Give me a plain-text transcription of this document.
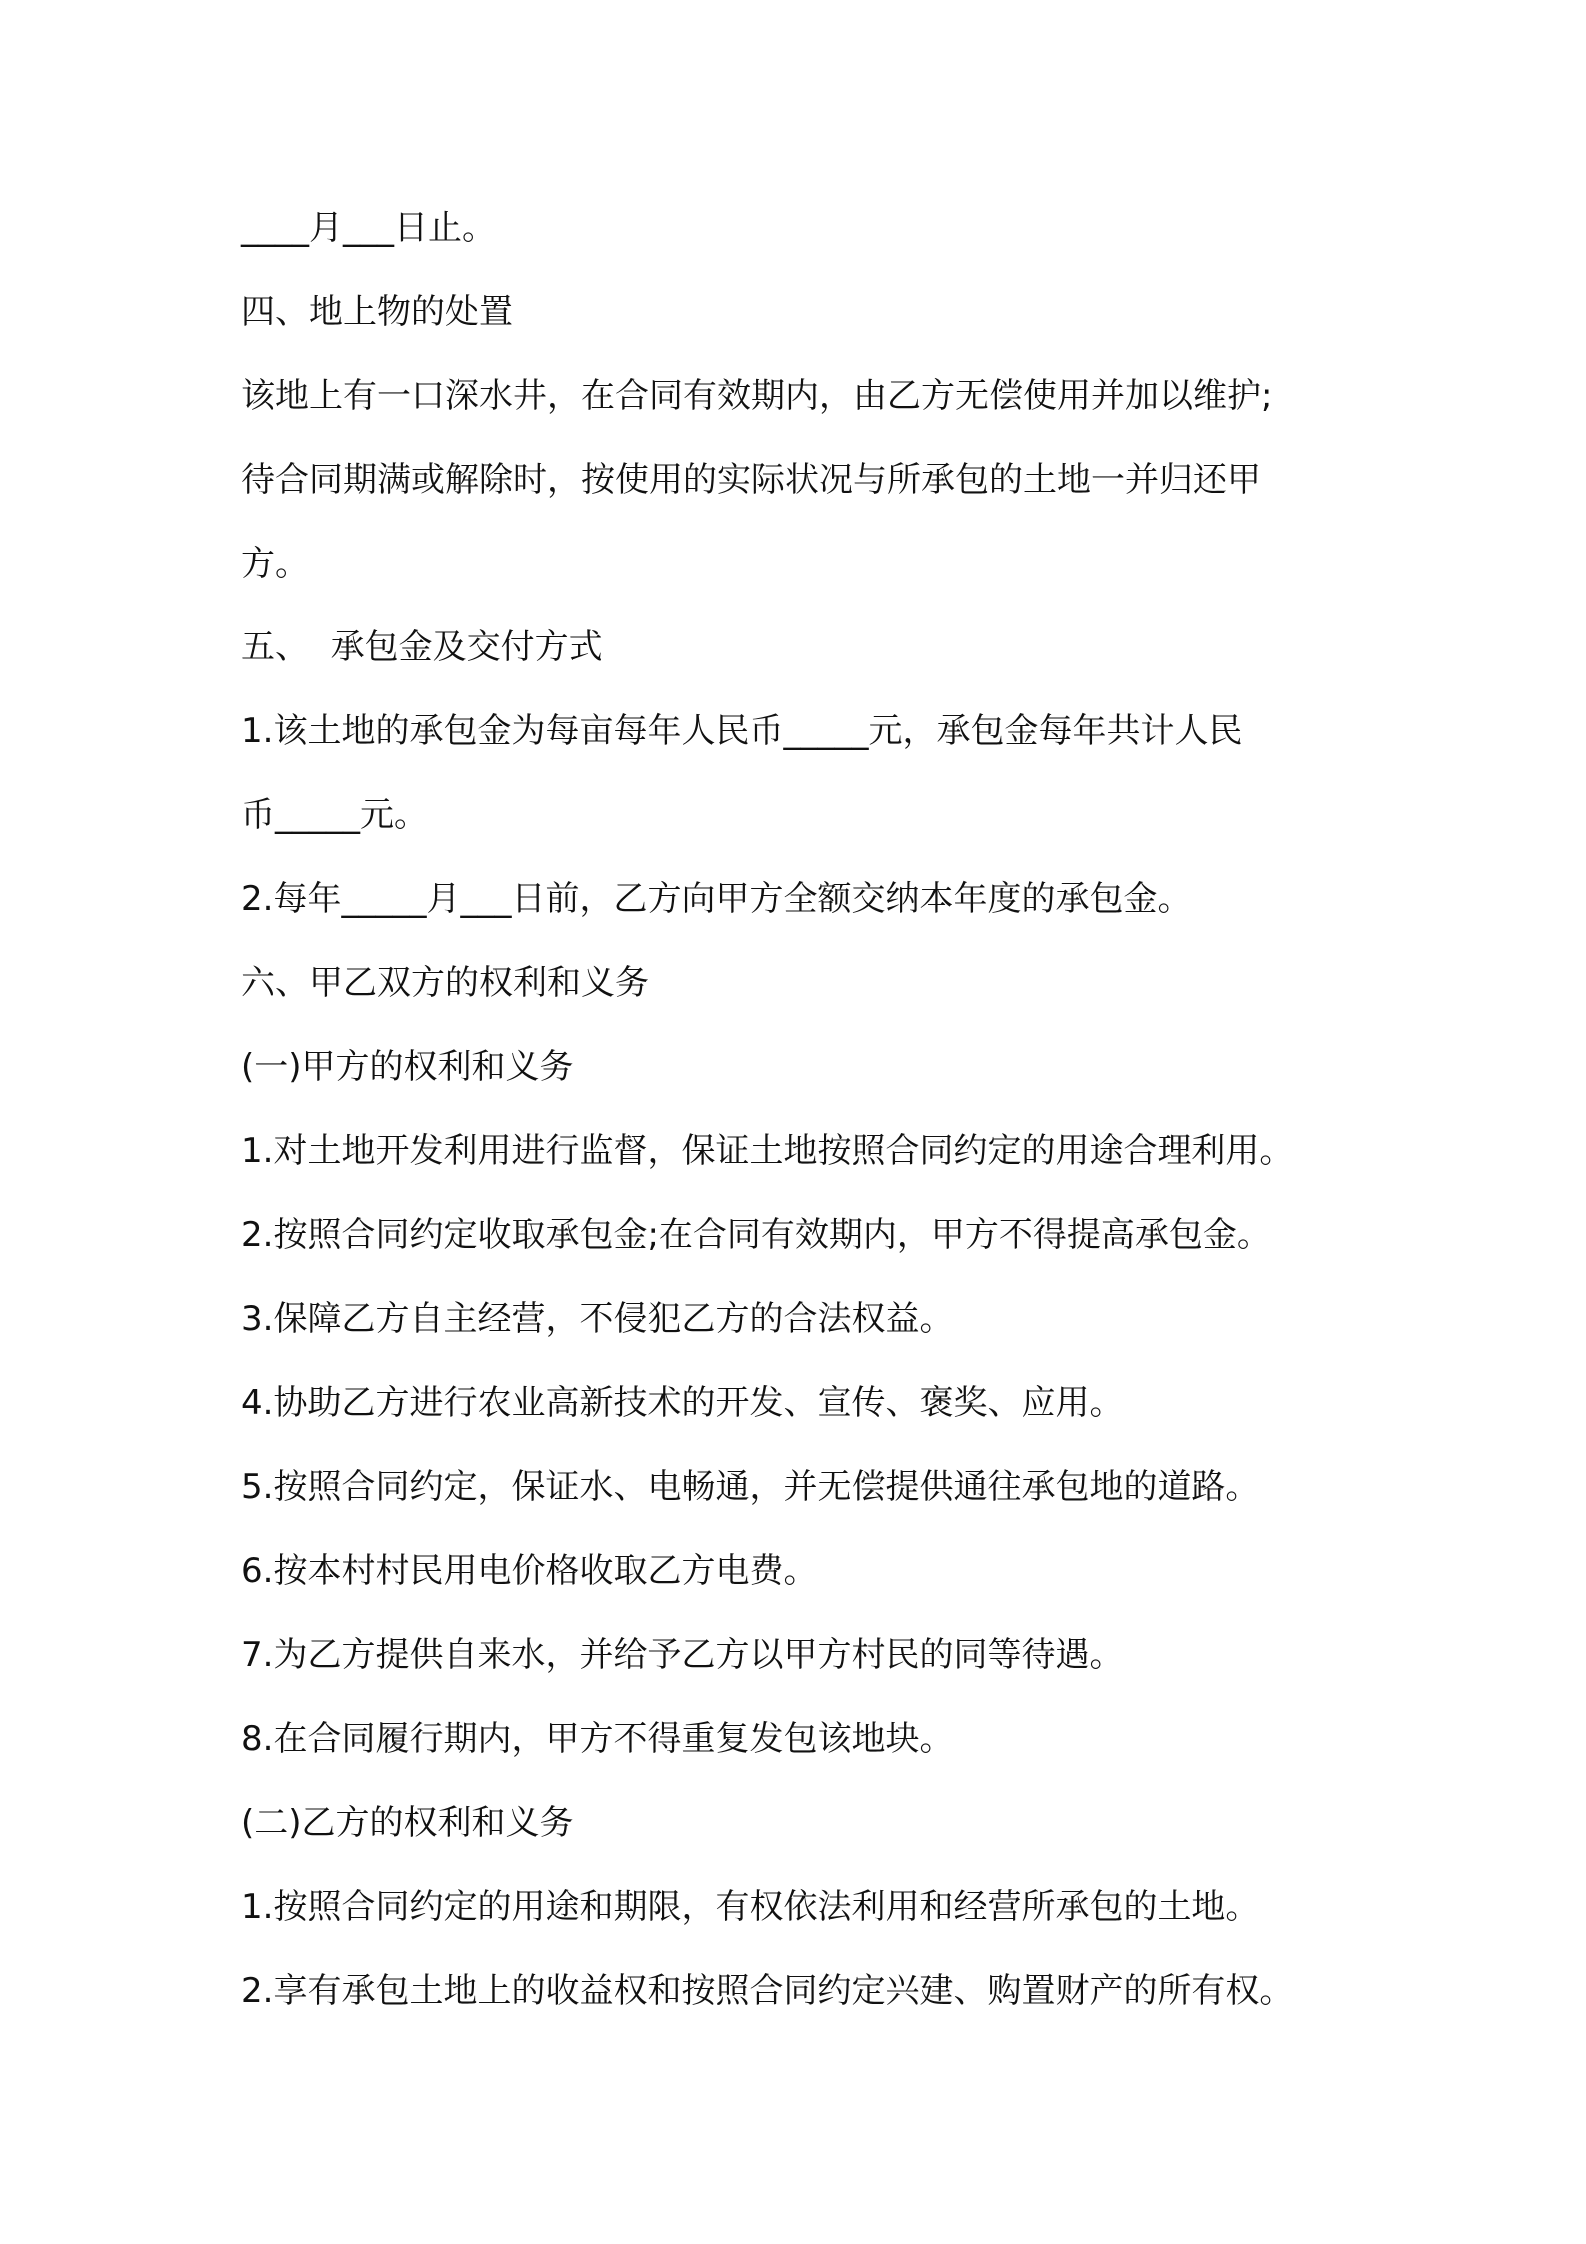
____月___日止。

四、地上物的处置

该地上有一口深水井，在合同有效期内，由乙方无偿使用并加以维护;

待合同期满或解除时，按使用的实际状况与所承包的土地一并归还甲

方。

五、  承包金及交付方式

1.该土地的承包金为每亩每年人民币_____元，承包金每年共计人民

币_____元。

2.每年_____月___日前，乙方向甲方全额交纳本年度的承包金。

六、甲乙双方的权利和义务

(一)甲方的权利和义务

1.对土地开发利用进行监督，保证土地按照合同约定的用途合理利用。

2.按照合同约定收取承包金;在合同有效期内，甲方不得提高承包金。

3.保障乙方自主经营，不侵犯乙方的合法权益。

4.协助乙方进行农业高新技术的开发、宣传、褒奖、应用。

5.按照合同约定，保证水、电畅通，并无偿提供通往承包地的道路。

6.按本村村民用电价格收取乙方电费。

7.为乙方提供自来水，并给予乙方以甲方村民的同等待遇。

8.在合同履行期内，甲方不得重复发包该地块。

(二)乙方的权利和义务

1.按照合同约定的用途和期限，有权依法利用和经营所承包的土地。

2.享有承包土地上的收益权和按照合同约定兴建、购置财产的所有权。
